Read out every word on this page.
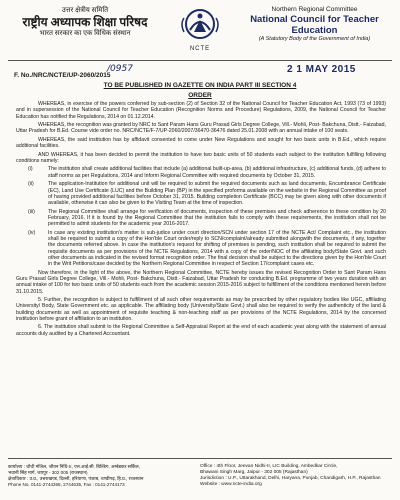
उत्तर क्षेत्रीय समिति
राष्ट्रीय अध्यापक शिक्षा परिषद
भारत सरकार का एक विधिक संस्थान
NCTE
Northern Regional Committee
National Council for Teacher Education
(A Statutory Body of the Government of India)
F. No./NRC/NCTE/UP-2060/2015
/0957	2 1 MAY 2015
TO BE PUBLISHED IN GAZETTE ON INDIA PART III SECTION 4
ORDER

WHEREAS, in exercise of the powers conferred by sub-section (2) of Section 32 of the National Council for Teacher Education Act, 1993 (73 of 1993) and in supersession of the National Council for Teacher Education (Recognition Norms and Procedure) Regulations, 2009, the National Council for Teacher Education has notified the Regulations, 2014 on 01.12.2014.

WHEREAS, the recognition was granted by NRC to Sant Param Hans Guru Prasad Girls Degree College, Vill.- Mohli, Post- Bakchuna, Distt.- Faizabad, Uttar Pradesh for B.Ed. Course vide order no. NRC/NCTE/F-7/UP-2060/2007/36470-36476 dated 25.01.2008 with an annual intake of 100 seats.

WHEREAS, the said institution has by affidavit consented to come under New Regulations and sought for two basic units in B.Ed., which require additional facilities.

AND WHEREAS, it has been decided to permit the institution to have two basic units of 50 students each subject to the institution fulfilling following conditions namely:

(i)	The institution shall create additional facilities that include (a) additional built-up-area, (b) additional infrastructure, (c) additional funds, (d) adhere to staff norms as per Regulations, 2014 and Inform Regional Committee with required documents by October 31, 2015.
(ii)	The application-Institution for additional unit will be required to submit the required documents such as land documents, Encumbrance Certificate (EC), Land Use Certificate (LUC) and the Building Plan (BP) in the specified proforma available on the website in the Regional Committee as proof of having provided additional facilities before October 31, 2015. Building completion Certificate (BCC) may be given along with other documents if available, otherwise it can also be given to the Visiting Team at the time of inspection.
(iii)	The Regional Committee shall arrange for verification of documents, inspection of these premises and check adherence to these condition by 20 February, 2016. If it is found by the Regional Committee that the institution fails to comply with these requirements, the institution shall not be permitted to admit students for the academic year 2016-2017.
(iv)	In case any existing institution's matter is sub-judice under court direction/SCN under section 17 of the NCTE Act/ Complaint etc., the institution shall be required to submit a copy of the Hon'ble Court order/reply to SCN/complaint/already submitted alongwith the documents, if any, together the documents referred above. In case the institution's request for shifting of premises is pending, such institution shall be required to submit the requisite documents as per provisions of the NCTE Regulations, 2014 with a copy of the order/NOC of the affiliating body/State Govt. and such other documents as indicated in the revised format recognition order. The final decision shall be subject to the directions given by the Hon'ble Court in the Writ Petitions/case decided by the Northern Regional Committee in respect of Section 17/complaint cases etc.

Now therefore, in the light of the above, the Northern Regional Committee, NCTE hereby issues the revised Recognition Order to Sant Param Hans Guru Prasad Girls Degree College, Vill.- Mohli, Post- Bakchuna, Distt.- Faizabad, Uttar Pradesh for conducting B.Ed. programme of two years duration with an annual intake of 100 for two basic units of 50 students each from the academic session 2015-2016 subject to fulfillment of the conditions mentioned herein before 31.10.2015.

5. Further, the recognition is subject to fulfillment of all such other requirements as may be prescribed by other regulatory bodies like UGC, affiliating University/ Body, State Government etc. as applicable. The affiliating body (University/State Govt.) shall also be required to verify the authenticity of the land & building documents as well as appointment of requisite teaching & non-teaching staff as per provisions of the NCTE Regulations, 2014 by the concerned institution before grant of affiliation to an institution.

6. The institution shall submit to the Regional Committee a Self-Appraisal Report at the end of each academic year along with the statement of annual accounts duly audited by a Chartered Accountant.

कार्यालय : चौथी मंजिल, जीवन निधि-II, एल.आई.सी. बिल्डिंग, अम्बेडकर सर्किल,
भवानी सिंह मार्ग, जयपुर - 302 005 (राजस्थान)
क्षेत्राधिकार : उ.प्र., उत्तराखण्ड, दिल्ली, हरियाणा, पंजाब, चण्डीगढ़, हि.प्र., राजस्थान
Phone No. 0141-2744268, 2744635, Fax : 0141-2744173
Office : 4th Floor, Jeevan Nidhi-II, LIC Building, Ambedkar Circle,
Bhawani Singh Marg, Jaipur - 302 005 (Rajasthan)
Jurisdiction : U.P., Uttarakhand, Delhi, Haryana, Punjab, Chandigarh, H.P., Rajasthan
Website : www.ncte-india.org
